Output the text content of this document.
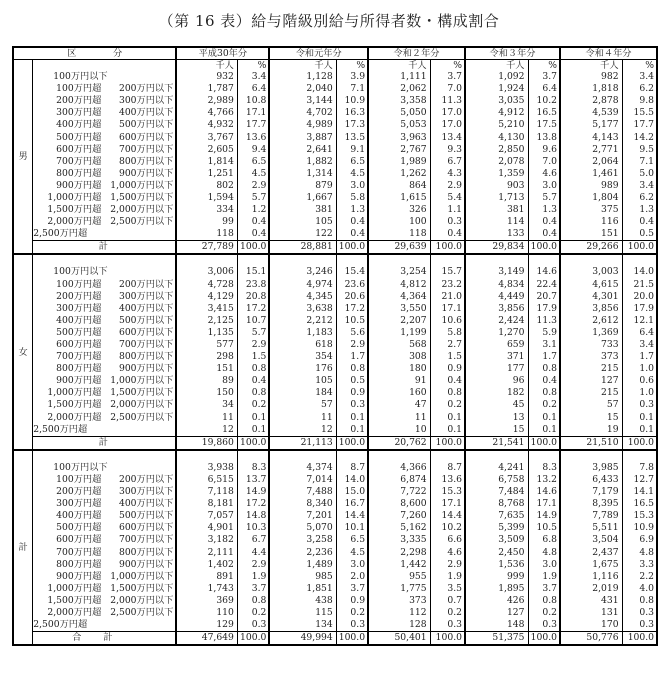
（第 16 表）給与階級別給与所得者数・構成割合
区　　　　分		平成30年分		令和元年分		令和２年分		令和３年分		令和４年分	
男		千人	%	千人	%	千人	%	千人	%	千人	%
	100万円以下	932	3.4	1,128	3.9	1,111	3.7	1,092	3.7	982	3.4
	100万円超 200万円以下	1,787	6.4	2,040	7.1	2,062	7.0	1,924	6.4	1,818	6.2
	200万円超 300万円以下	2,989	10.8	3,144	10.9	3,358	11.3	3,035	10.2	2,878	9.8
	300万円超 400万円以下	4,766	17.1	4,702	16.3	5,050	17.0	4,912	16.5	4,539	15.5
	400万円超 500万円以下	4,932	17.7	4,989	17.3	5,053	17.0	5,210	17.5	5,177	17.7
	500万円超 600万円以下	3,767	13.6	3,887	13.5	3,963	13.4	4,130	13.8	4,143	14.2
	600万円超 700万円以下	2,605	9.4	2,641	9.1	2,767	9.3	2,850	9.6	2,771	9.5
	700万円超 800万円以下	1,814	6.5	1,882	6.5	1,989	6.7	2,078	7.0	2,064	7.1
	800万円超 900万円以下	1,251	4.5	1,314	4.5	1,262	4.3	1,359	4.6	1,461	5.0
	900万円超 1,000万円以下	802	2.9	879	3.0	864	2.9	903	3.0	989	3.4
	1,000万円超 1,500万円以下	1,594	5.7	1,667	5.8	1,615	5.4	1,713	5.7	1,804	6.2
	1,500万円超 2,000万円以下	334	1.2	381	1.3	326	1.1	381	1.3	375	1.3
	2,000万円超 2,500万円以下	99	0.4	105	0.4	100	0.3	114	0.4	116	0.4
	2,500万円超	118	0.4	122	0.4	118	0.4	133	0.4	151	0.5
	計	27,789	100.0	28,881	100.0	29,639	100.0	29,834	100.0	29,266	100.0
女											
	100万円以下	3,006	15.1	3,246	15.4	3,254	15.7	3,149	14.6	3,003	14.0
	100万円超 200万円以下	4,728	23.8	4,974	23.6	4,812	23.2	4,834	22.4	4,615	21.5
	200万円超 300万円以下	4,129	20.8	4,345	20.6	4,364	21.0	4,449	20.7	4,301	20.0
	300万円超 400万円以下	3,415	17.2	3,638	17.2	3,550	17.1	3,856	17.9	3,856	17.9
	400万円超 500万円以下	2,125	10.7	2,212	10.5	2,207	10.6	2,424	11.3	2,612	12.1
	500万円超 600万円以下	1,135	5.7	1,183	5.6	1,199	5.8	1,270	5.9	1,369	6.4
	600万円超 700万円以下	577	2.9	618	2.9	568	2.7	659	3.1	733	3.4
	700万円超 800万円以下	298	1.5	354	1.7	308	1.5	371	1.7	373	1.7
	800万円超 900万円以下	151	0.8	176	0.8	180	0.9	177	0.8	215	1.0
	900万円超 1,000万円以下	89	0.4	105	0.5	91	0.4	96	0.4	127	0.6
	1,000万円超 1,500万円以下	150	0.8	184	0.9	160	0.8	182	0.8	215	1.0
	1,500万円超 2,000万円以下	34	0.2	57	0.3	47	0.2	45	0.2	57	0.3
	2,000万円超 2,500万円以下	11	0.1	11	0.1	11	0.1	13	0.1	15	0.1
	2,500万円超	12	0.1	12	0.1	10	0.1	15	0.1	19	0.1
	計	19,860	100.0	21,113	100.0	20,762	100.0	21,541	100.0	21,510	100.0
計											
	100万円以下	3,938	8.3	4,374	8.7	4,366	8.7	4,241	8.3	3,985	7.8
	100万円超 200万円以下	6,515	13.7	7,014	14.0	6,874	13.6	6,758	13.2	6,433	12.7
	200万円超 300万円以下	7,118	14.9	7,488	15.0	7,722	15.3	7,484	14.6	7,179	14.1
	300万円超 400万円以下	8,181	17.2	8,340	16.7	8,600	17.1	8,768	17.1	8,395	16.5
	400万円超 500万円以下	7,057	14.8	7,201	14.4	7,260	14.4	7,635	14.9	7,789	15.3
	500万円超 600万円以下	4,901	10.3	5,070	10.1	5,162	10.2	5,399	10.5	5,511	10.9
	600万円超 700万円以下	3,182	6.7	3,258	6.5	3,335	6.6	3,509	6.8	3,504	6.9
	700万円超 800万円以下	2,111	4.4	2,236	4.5	2,298	4.6	2,450	4.8	2,437	4.8
	800万円超 900万円以下	1,402	2.9	1,489	3.0	1,442	2.9	1,536	3.0	1,675	3.3
	900万円超 1,000万円以下	891	1.9	985	2.0	955	1.9	999	1.9	1,116	2.2
	1,000万円超 1,500万円以下	1,743	3.7	1,851	3.7	1,775	3.5	1,895	3.7	2,019	4.0
	1,500万円超 2,000万円以下	369	0.8	438	0.9	373	0.7	426	0.8	431	0.8
	2,000万円超 2,500万円以下	110	0.2	115	0.2	112	0.2	127	0.2	131	0.3
	2,500万円超	129	0.3	134	0.3	128	0.3	148	0.3	170	0.3
	合計	47,649	100.0	49,994	100.0	50,401	100.0	51,375	100.0	50,776	100.0
